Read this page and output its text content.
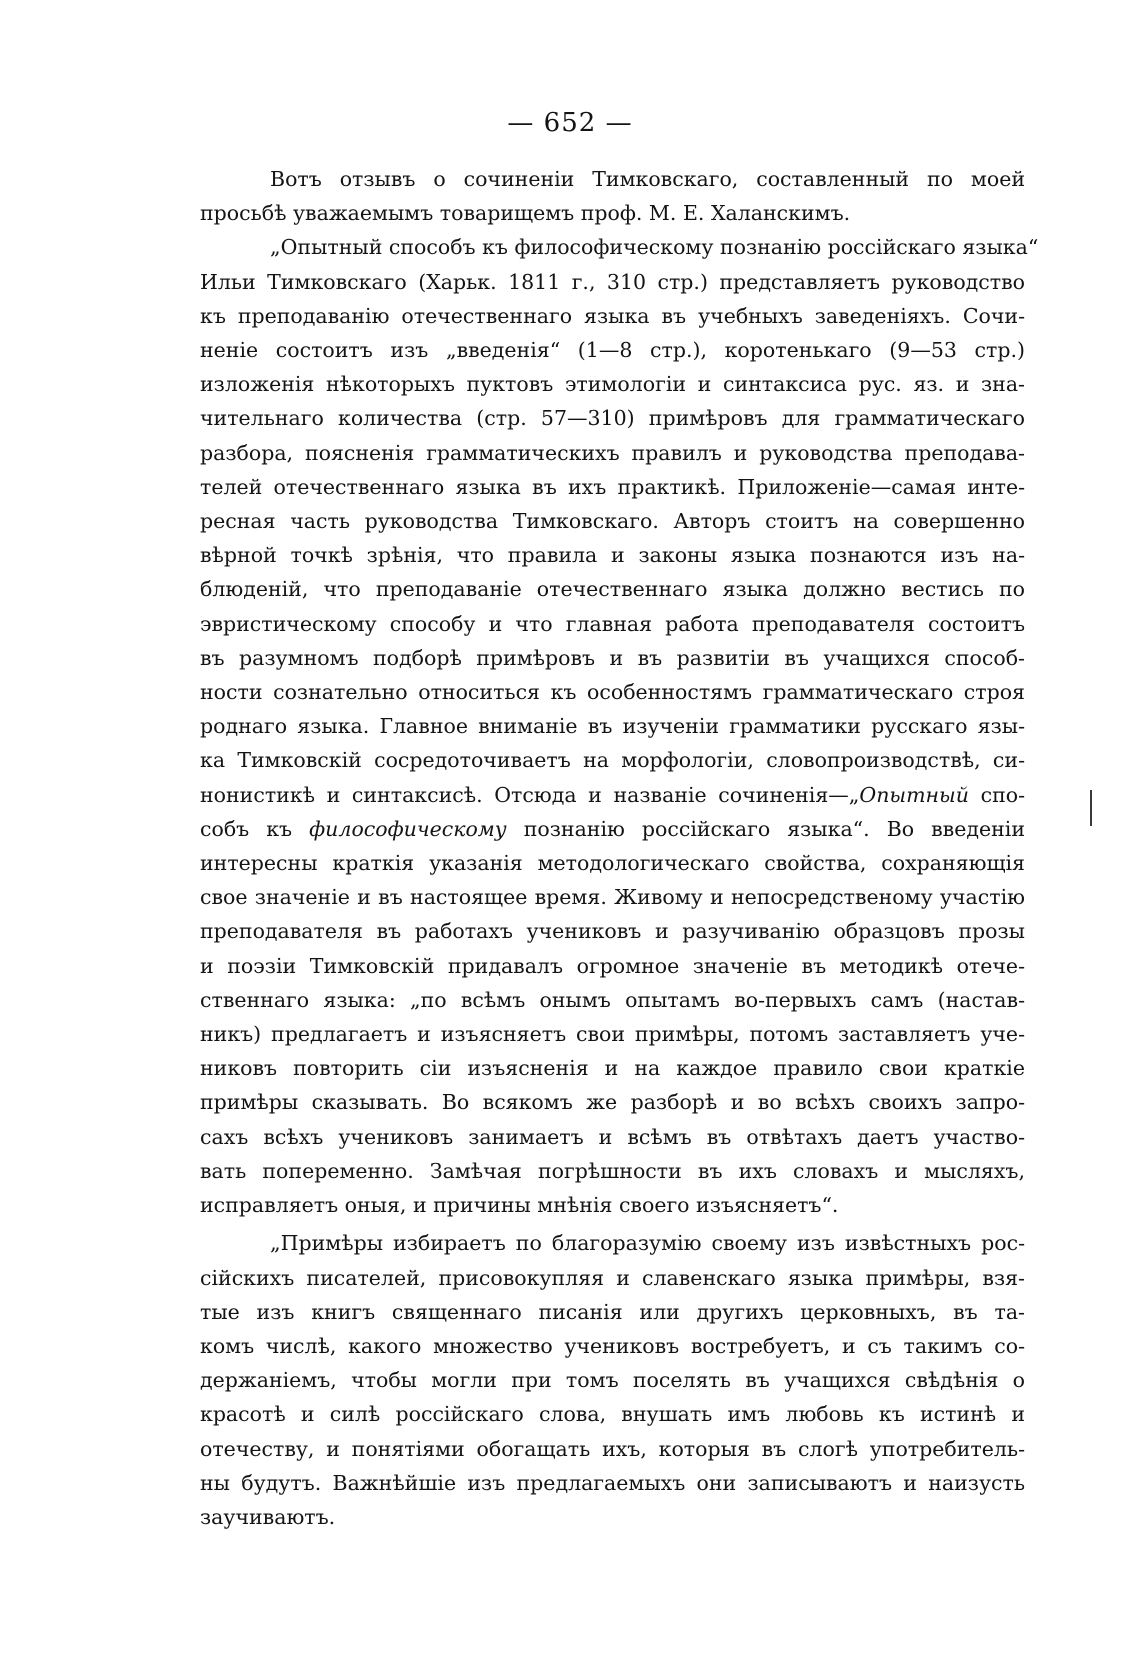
— 652 —
Вотъ отзывъ о сочиненіи Тимковскаго, составленный по моей
просьбѣ уважаемымъ товарищемъ проф. М. Е. Халанскимъ.
„Опытный способъ къ философическому познанію россійскаго языка“
Ильи Тимковскаго (Харьк. 1811 г., 310 стр.) представляетъ руководство
къ преподаванію отечественнаго языка въ учебныхъ заведеніяхъ. Сочи-
неніе состоитъ изъ „введенія“ (1—8 стр.), коротенькаго (9—53 стр.)
изложенія нѣкоторыхъ пуктовъ этимологіи и синтаксиса рус. яз. и зна-
чительнаго количества (стр. 57—310) примѣровъ для грамматическаго
разбора, поясненія грамматическихъ правилъ и руководства преподава-
телей отечественнаго языка въ ихъ практикѣ. Приложеніе—самая инте-
ресная часть руководства Тимковскаго. Авторъ стоитъ на совершенно
вѣрной точкѣ зрѣнія, что правила и законы языка познаются изъ на-
блюденій, что преподаваніе отечественнаго языка должно вестись по
эвристическому способу и что главная работа преподавателя состоитъ
въ разумномъ подборѣ примѣровъ и въ развитіи въ учащихся способ-
ности сознательно относиться къ особенностямъ грамматическаго строя
роднаго языка. Главное вниманіе въ изученіи грамматики русскаго язы-
ка Тимковскій сосредоточиваетъ на морфологіи, словопроизводствѣ, си-
нонистикѣ и синтаксисѣ. Отсюда и названіе сочиненія—„Опытный спо-
собъ къ философическому познанію россійскаго языка“. Во введеніи
интересны краткія указанія методологическаго свойства, сохраняющія
свое значеніе и въ настоящее время. Живому и непосредственому участію
преподавателя въ работахъ учениковъ и разучиванію образцовъ прозы
и поэзіи Тимковскій придавалъ огромное значеніе въ методикѣ отече-
ственнаго языка: „по всѣмъ онымъ опытамъ во-первыхъ самъ (настав-
никъ) предлагаетъ и изъясняетъ свои примѣры, потомъ заставляетъ уче-
никовъ повторить сіи изъясненія и на каждое правило свои краткіе
примѣры сказывать. Во всякомъ же разборѣ и во всѣхъ своихъ запро-
сахъ всѣхъ учениковъ занимаетъ и всѣмъ въ отвѣтахъ даетъ участво-
вать попеременно. Замѣчая погрѣшности въ ихъ словахъ и мысляхъ,
исправляетъ оныя, и причины мнѣнія своего изъясняетъ“.
„Примѣры избираетъ по благоразумію своему изъ извѣстныхъ рос-
сійскихъ писателей, присовокупляя и славенскаго языка примѣры, взя-
тые изъ книгъ священнаго писанія или другихъ церковныхъ, въ та-
комъ числѣ, какого множество учениковъ востребуетъ, и съ такимъ со-
держаніемъ, чтобы могли при томъ поселять въ учащихся свѣдѣнія о
красотѣ и силѣ россійскаго слова, внушать имъ любовь къ истинѣ и
отечеству, и понятіями обогащать ихъ, которыя въ слогѣ употребитель-
ны будутъ. Важнѣйшіе изъ предлагаемыхъ они записываютъ и наизусть
заучиваютъ.
